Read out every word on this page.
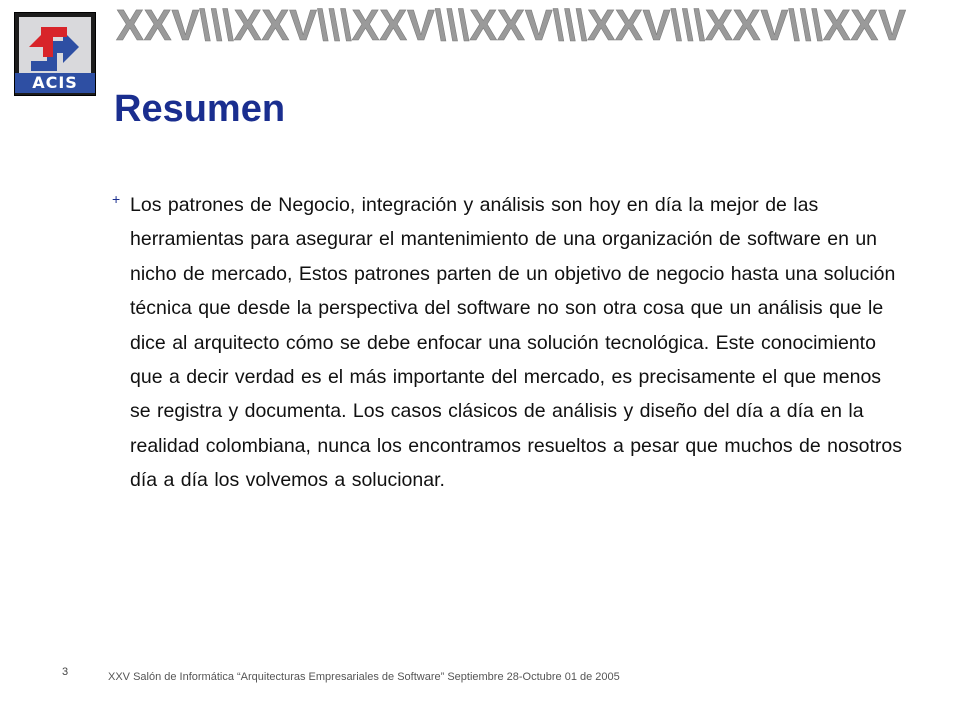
ACIS
XXV\\\XXV\\\XXV\\\XXV\\\XXV\\\XXV\\\XXV
Resumen
+ Los patrones de Negocio, integración y análisis son hoy en día la mejor de las herramientas para asegurar el mantenimiento de una organización de software en un nicho de mercado, Estos patrones parten de un objetivo de negocio hasta una solución técnica que desde la perspectiva del software no son otra cosa que un análisis que le dice al arquitecto cómo se debe enfocar una solución tecnológica. Este conocimiento que a decir verdad es el más importante del mercado, es precisamente el que menos se registra y documenta. Los casos clásicos de análisis y diseño del día a día en la realidad colombiana, nunca los encontramos resueltos a pesar que muchos de nosotros día a día los volvemos a solucionar.

3	XXV Salón de Informática “Arquitecturas Empresariales de Software” Septiembre 28-Octubre 01 de 2005
